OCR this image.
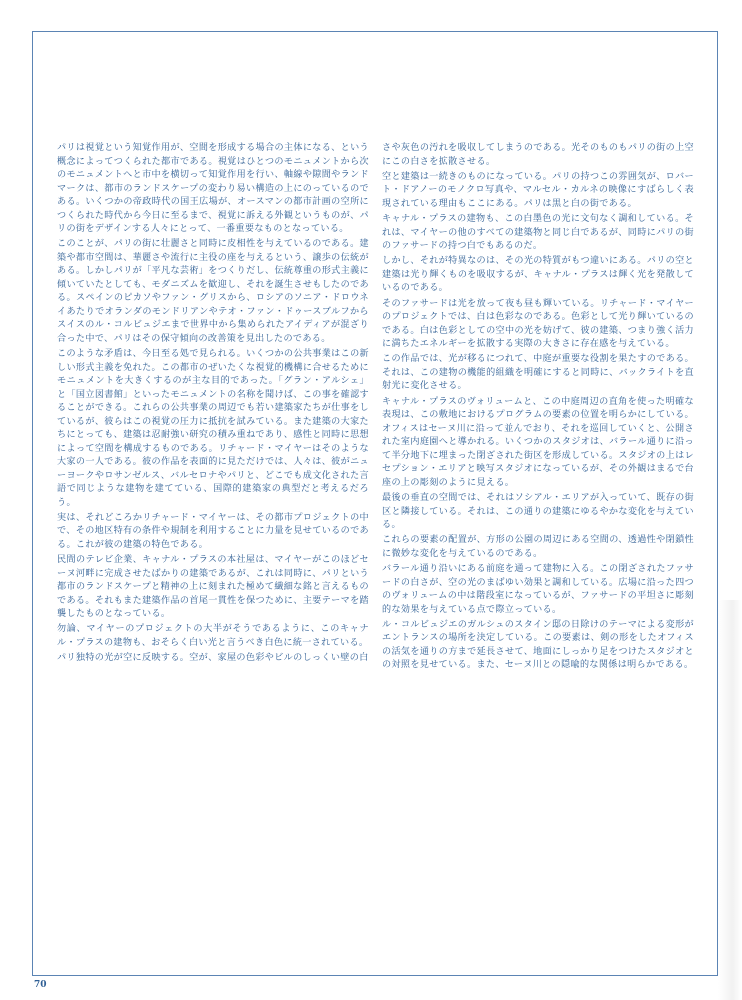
パリは視覚という知覚作用が、空間を形成する場合の主体になる、という概念によってつくられた都市である。視覚はひとつのモニュメントから次のモニュメントへと市中を横切って知覚作用を行い、軸線や隙間やランドマークは、都市のランドスケープの変わり易い構造の上にのっているのである。いくつかの帝政時代の国王広場が、オースマンの都市計画の空所につくられた時代から今日に至るまで、視覚に訴える外観というものが、パリの街をデザインする人々にとって、一番重要なものとなっている。

このことが、パリの街に壮麗さと同時に皮相性を与えているのである。建築や都市空間は、華麗さや流行に主役の座を与えるという、譲歩の伝統がある。しかしパリが「平凡な芸術」をつくりだし、伝統尊重の形式主義に傾いていたとしても、モダニズムを歓迎し、それを誕生させもしたのである。スペインのピカソやファン・グリスから、ロシアのソニア・ドロウネイあたりでオランダのモンドリアンやテオ・ファン・ドゥースブルフからスイスのル・コルビュジエまで世界中から集められたアイディアが混ざり合った中で、パリはその保守傾向の改善策を見出したのである。

このような矛盾は、今日至る処で見られる。いくつかの公共事業はこの新しい形式主義を免れた。この都市のぜいたくな視覚的機構に合せるためにモニュメントを大きくするのが主な目的であった。「グラン・アルシェ」と「国立図書館」といったモニュメントの名称を聞けば、この事を確認することができる。これらの公共事業の周辺でも若い建築家たちが仕事をしているが、彼らはこの視覚の圧力に抵抗を試みている。また建築の大家たちにとっても、建築は忍耐強い研究の積み重ねであり、感性と同時に思想によって空間を構成するものである。リチャード・マイヤーはそのような大家の一人である。彼の作品を表面的に見ただけでは、人々は、彼がニューヨークやロサンゼルス、バルセロナやパリと、どこでも成文化された言語で同じような建物を建てている、国際的建築家の典型だと考えるだろう。

実は、それどころかリチャード・マイヤーは、その都市プロジェクトの中で、その地区特有の条件や規制を利用することに力量を見せているのである。これが彼の建築の特色である。

民間のテレビ企業、キャナル・プラスの本社屋は、マイヤーがこのほどセーヌ河畔に完成させたばかりの建築であるが、これは同時に、パリという都市のランドスケープと精神の上に刻まれた極めて繊細な銘と言えるものである。それもまた建築作品の首尾一貫性を保つために、主要テーマを踏襲したものとなっている。

勿論、マイヤーのプロジェクトの大半がそうであるように、このキャナル・プラスの建物も、おそらく白い光と言うべき白色に統一されている。

パリ独特の光が空に反映する。空が、家屋の色彩やビルのしっくい壁の白

さや灰色の汚れを吸収してしまうのである。光そのものもパリの街の上空にこの白さを拡散させる。

空と建築は一続きのものになっている。パリの持つこの雰囲気が、ロバート・ドアノーのモノクロ写真や、マルセル・カルネの映像にすばらしく表現されている理由もここにある。パリは黒と白の街である。

キャナル・プラスの建物も、この白墨色の光に文句なく調和している。それは、マイヤーの他のすべての建築物と同じ白であるが、同時にパリの街のファサードの持つ白でもあるのだ。

しかし、それが特異なのは、その光の特質がもつ違いにある。パリの空と建築は光り輝くものを吸収するが、キャナル・プラスは輝く光を発散しているのである。

そのファサードは光を放って夜も昼も輝いている。リチャード・マイヤーのプロジェクトでは、白は色彩なのである。色彩として光り輝いているのである。白は色彩としての空中の光を妨げて、彼の建築、つまり強く活力に満ちたエネルギーを拡散する実際の大きさに存在感を与えている。

この作品では、光が移るにつれて、中庭が重要な役割を果たすのである。それは、この建物の機能的組織を明確にすると同時に、バックライトを直射光に変化させる。

キャナル・プラスのヴォリュームと、この中庭周辺の直角を使った明確な表現は、この敷地におけるプログラムの要素の位置を明らかにしている。オフィスはセーヌ川に沿って並んでおり、それを巡回していくと、公開された室内庭園へと導かれる。いくつかのスタジオは、バラール通りに沿って半分地下に埋まった閉ざされた街区を形成している。スタジオの上はレセプション・エリアと映写スタジオになっているが、その外観はまるで台座の上の彫刻のように見える。

最後の垂直の空間では、それはソシアル・エリアが入っていて、既存の街区と隣接している。それは、この通りの建築にゆるやかな変化を与えている。

これらの要素の配置が、方形の公園の周辺にある空間の、透過性や閉鎖性に微妙な変化を与えているのである。

バラール通り沿いにある前庭を通って建物に入る。この閉ざされたファサードの白さが、空の光のまばゆい効果と調和している。広場に沿った四つのヴォリュームの中は階段室になっているが、ファサードの平坦さに彫刻的な効果を与えている点で際立っている。

ル・コルビュジエのガルシュのスタイン邸の日除けのテーマによる変形がエントランスの場所を決定している。この要素は、剣の形をしたオフィスの活気を通りの方まで延長させて、地面にしっかり足をつけたスタジオとの対照を見せている。また、セーヌ川との隠喩的な関係は明らかである。

70
